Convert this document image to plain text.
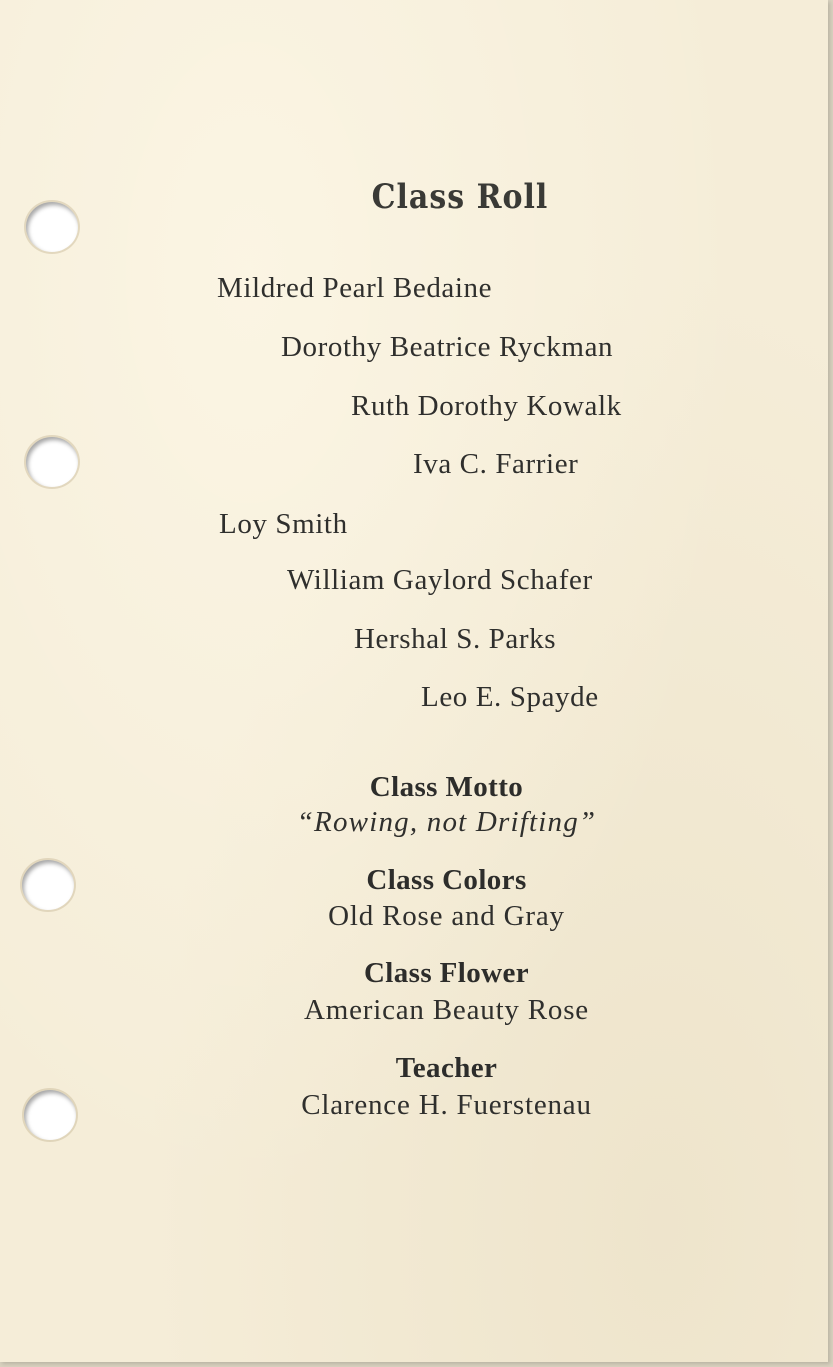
Class Roll
Mildred Pearl Bedaine
Dorothy Beatrice Ryckman
Ruth Dorothy Kowalk
Iva C. Farrier
Loy Smith
William Gaylord Schafer
Hershal S. Parks
Leo E. Spayde
Class Motto
“Rowing, not Drifting”
Class Colors
Old Rose and Gray
Class Flower
American Beauty Rose
Teacher
Clarence H. Fuerstenau
